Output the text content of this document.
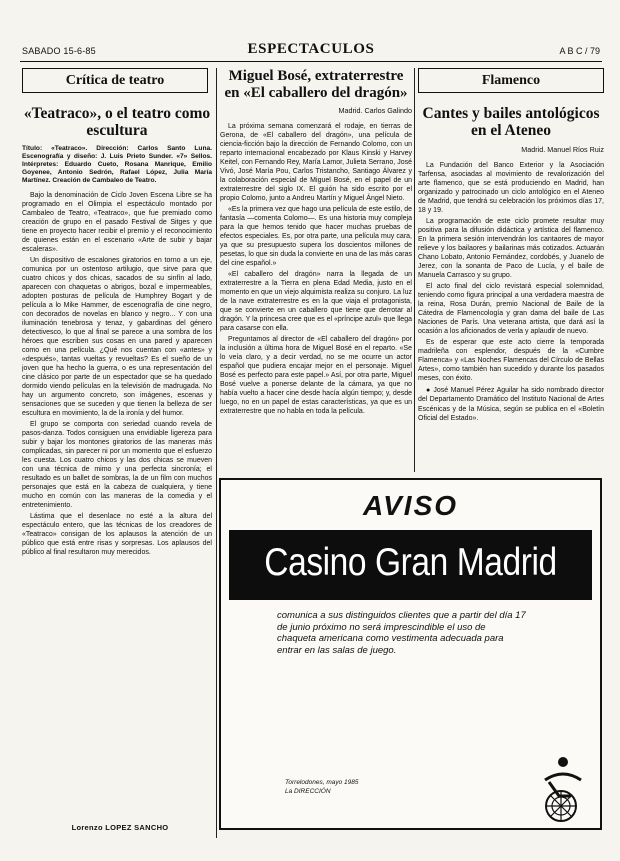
SABADO 15-6-85	ESPECTACULOS	A B C / 79
Crítica de teatro
«Teatraco», o el teatro como escultura
Título: «Teatraco». Dirección: Carlos Santo Luna. Escenografía y diseño: J. Luis Prieto Sunder. «7» Sellos. Intérpretes: Eduardo Cueto, Rosana Manrique, Emilio Goyenee, Antonio Sedrón, Rafael López, Julia María Martínez. Creación de Cambaleo de Teatro.

Bajo la denominación de Ciclo Joven Escena Libre se ha programado en el Olimpia el espectáculo montado por Cambaleo de Teatro, «Teatraco», que fue premiado como creación de grupo en el pasado Festival de Sitges y que tiene en proyecto hacer recibir el premio y el reconocimiento de quienes están en el escenario «Arte de subir y bajar escaleras».

Un dispositivo de escalones giratorios en torno a un eje, comunica por un ostentoso artilugio, que sirve para que cuatro chicos y dos chicas, sacados de su sinfín al lado, aparecen con chaquetas o abrigos, bozal e impermeables, adopten posturas de película de Humphrey Bogart y de película a lo Mike Hammer, de escenografía de cine negro, con decorados de novelas en blanco y negro... Y con una iluminación tenebrosa y tenaz, y gabardinas del género detectivesco, lo que al final se parece a una sombra de los héroes que escriben sus cosas en una pared y aparecen como en una película. ¿Qué nos cuentan con «antes» y «después», tantas vueltas y revueltas? Es el sueño de un joven que ha hecho la guerra, o es una representación del cine clásico por parte de un espectador que se ha quedado dormido viendo películas en la televisión de madrugada. No hay un argumento concreto, son imágenes, escenas y sensaciones que se suceden y que tienen la belleza de ser escultura en movimiento, la de la ironía y del humor.

El grupo se comporta con seriedad cuando revela de pasos-danza. Todos consiguen una envidiable ligereza para subir y bajar los montones giratorios de las maneras más complicadas, sin parecer ni por un momento que el esfuerzo les cuesta. Los cuatro chicos y las dos chicas se mueven con una técnica de mimo y una perfecta sincronía; el resultado es un ballet de sombras, la de un film con muchos personajes que está en la cabeza de cualquiera, y tiene mucho en común con las maneras de la comedia y el entretenimiento.

Lástima que el desenlace no esté a la altura del espectáculo entero, que las técnicas de los creadores de «Teatraco» consigan de los aplausos la atención de un público que está entre risas y sorpresas. Los aplausos del público al final resultaron muy merecidos.

Lorenzo LOPEZ SANCHO
Miguel Bosé, extraterrestre en «El caballero del dragón»
Madrid. Carlos Galindo

La próxima semana comenzará el rodaje, en tierras de Gerona, de «El caballero del dragón», una película de ciencia-ficción bajo la dirección de Fernando Colomo, con un reparto internacional encabezado por Klaus Kinski y Harvey Keitel, con Fernando Rey, María Lamor, Julieta Serrano, José Vivó, José María Pou, Carlos Tristancho, Santiago Álvarez y la colaboración especial de Miguel Bosé, en el papel de un extraterrestre del siglo IX. El guión ha sido escrito por el propio Colomo, junto a Andreu Martín y Miguel Ángel Nieto.

«Es la primera vez que hago una película de este estilo, de fantasía —comenta Colomo—. Es una historia muy compleja para la que hemos tenido que hacer muchas pruebas de efectos especiales. Es, por otra parte, una película muy cara, ya que su presupuesto supera los doscientos millones de pesetas, lo que sin duda la convierte en una de las más caras del cine español.»

«El caballero del dragón» narra la llegada de un extraterrestre a la Tierra en plena Edad Media, justo en el momento en que un viejo alquimista realiza su conjuro. La luz de la nave extraterrestre es en la que viaja el protagonista, que se convierte en un caballero que tiene que derrotar al dragón. Y la princesa cree que es el «príncipe azul» que llega para casarse con ella.

Preguntamos al director de «El caballero del dragón» por la inclusión a última hora de Miguel Bosé en el reparto. «Se lo veía claro, y a decir verdad, no se me ocurre un actor español que pudiera encajar mejor en el personaje. Miguel Bosé es perfecto para este papel.» Así, por otra parte, Miguel Bosé vuelve a ponerse delante de la cámara, ya que no había vuelto a hacer cine desde hacía algún tiempo; y, desde luego, no en un papel de estas características, ya que es un extraterrestre que no habla en toda la película.

Flamenco
Cantes y bailes antológicos en el Ateneo
Madrid. Manuel Ríos Ruiz

La Fundación del Banco Exterior y la Asociación Tarfensa, asociadas al movimiento de revalorización del arte flamenco, que se está produciendo en Madrid, han organizado y patrocinado un ciclo antológico en el Ateneo de Madrid, que tendrá su celebración los próximos días 17, 18 y 19.

La programación de este ciclo promete resultar muy positiva para la difusión didáctica y artística del flamenco. En la primera sesión intervendrán los cantaores de mayor relieve y los bailaores y bailarinas más cotizados. Actuarán Chano Lobato, Antonio Fernández, cordobés, y Juanelo de Jerez, con la sonanta de Paco de Lucía, y el baile de Manuela Carrasco y su grupo.

El acto final del ciclo revistará especial solemnidad, teniendo como figura principal a una verdadera maestra de la reina, Rosa Durán, premio Nacional de Baile de la Cátedra de Flamencología y gran dama del baile de Las Naciones de París. Una veterana artista, que dará así la ocasión a los aficionados de verla y aplaudir de nuevo.

Es de esperar que este acto cierre la temporada madrileña con esplendor, después de la «Cumbre Flamenca» y «Las Noches Flamencas del Círculo de Bellas Artes», como también han sucedido y durante los pasados meses, con éxito.

● José Manuel Pérez Aguilar ha sido nombrado director del Departamento Dramático del Instituto Nacional de Artes Escénicas y de la Música, según se publica en el «Boletín Oficial del Estado».

AVISO
Casino Gran Madrid
comunica a sus distinguidos clientes que a partir del día 17 de junio próximo no será imprescindible el uso de chaqueta americana como vestimenta adecuada para entrar en las salas de juego.
Torrelodones, mayo 1985
La DIRECCIÓN
